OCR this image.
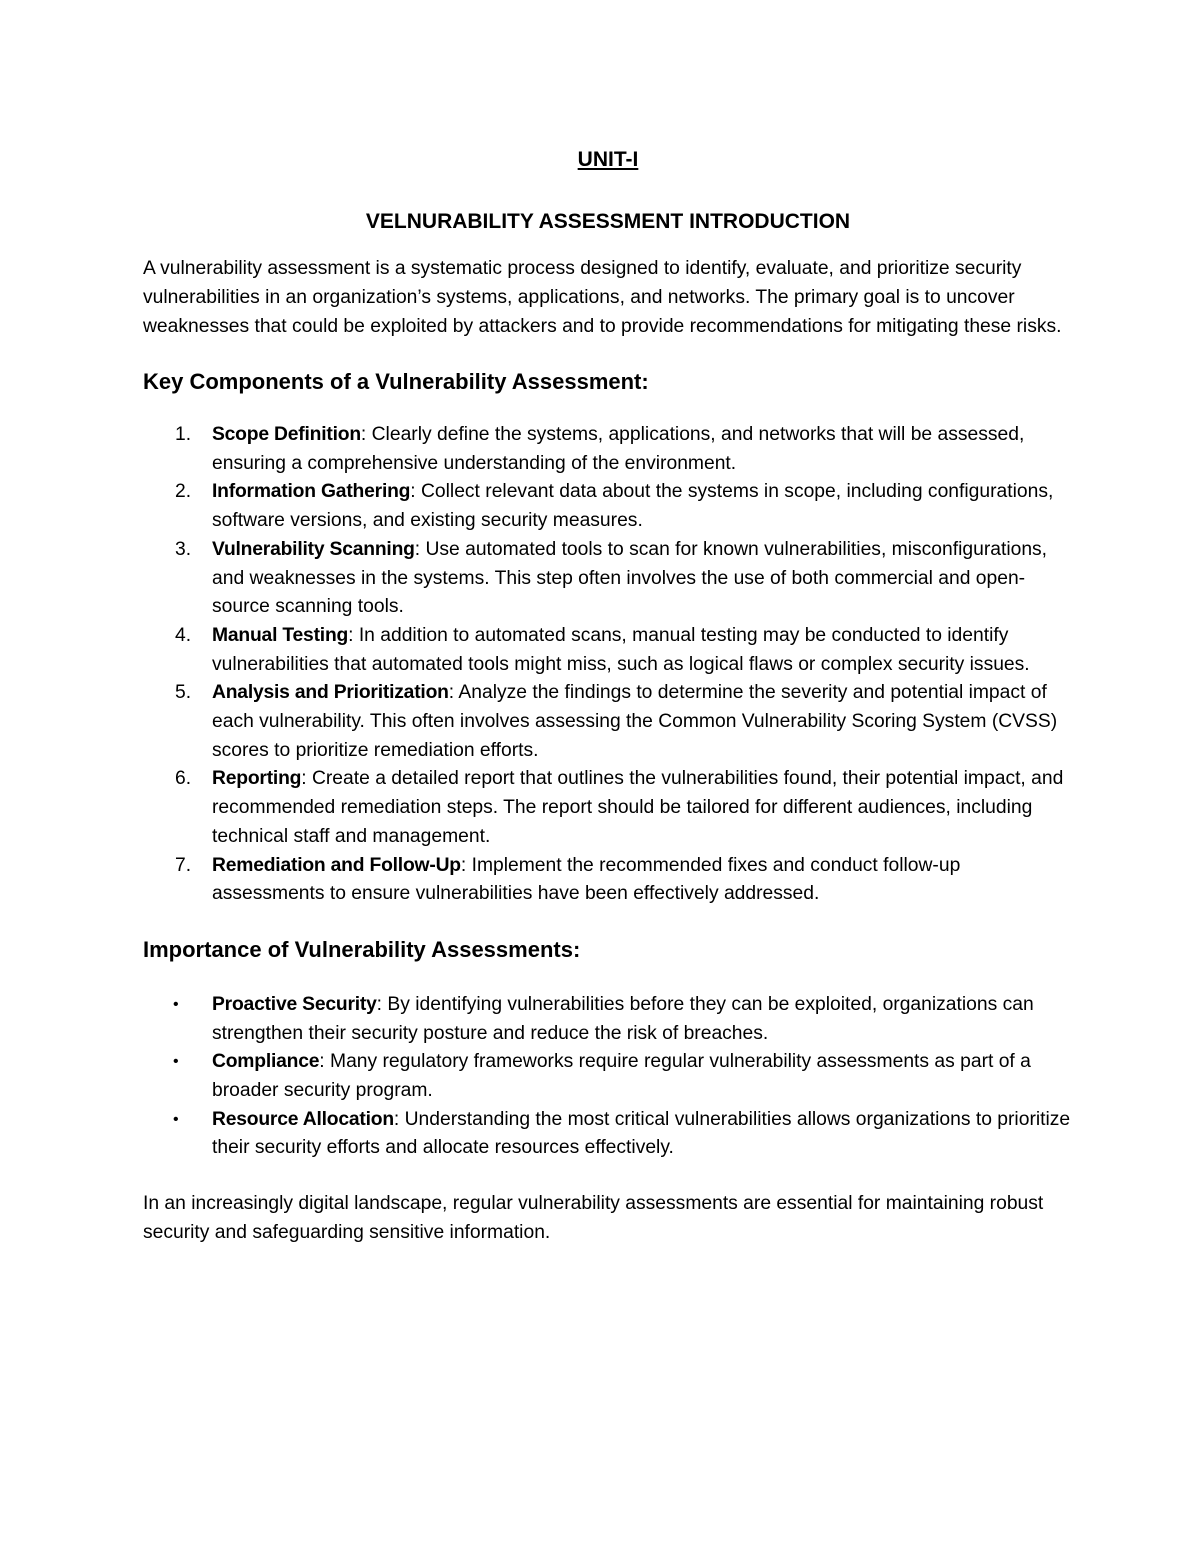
UNIT-I
VELNURABILITY ASSESSMENT INTRODUCTION

A vulnerability assessment is a systematic process designed to identify, evaluate, and prioritize security vulnerabilities in an organization’s systems, applications, and networks. The primary goal is to uncover weaknesses that could be exploited by attackers and to provide recommendations for mitigating these risks.

Key Components of a Vulnerability Assessment:
1. Scope Definition: Clearly define the systems, applications, and networks that will be assessed, ensuring a comprehensive understanding of the environment.
2. Information Gathering: Collect relevant data about the systems in scope, including configurations, software versions, and existing security measures.
3. Vulnerability Scanning: Use automated tools to scan for known vulnerabilities, misconfigurations, and weaknesses in the systems. This step often involves the use of both commercial and open-source scanning tools.
4. Manual Testing: In addition to automated scans, manual testing may be conducted to identify vulnerabilities that automated tools might miss, such as logical flaws or complex security issues.
5. Analysis and Prioritization: Analyze the findings to determine the severity and potential impact of each vulnerability. This often involves assessing the Common Vulnerability Scoring System (CVSS) scores to prioritize remediation efforts.
6. Reporting: Create a detailed report that outlines the vulnerabilities found, their potential impact, and recommended remediation steps. The report should be tailored for different audiences, including technical staff and management.
7. Remediation and Follow-Up: Implement the recommended fixes and conduct follow-up assessments to ensure vulnerabilities have been effectively addressed.
Importance of Vulnerability Assessments:
• Proactive Security: By identifying vulnerabilities before they can be exploited, organizations can strengthen their security posture and reduce the risk of breaches.
• Compliance: Many regulatory frameworks require regular vulnerability assessments as part of a broader security program.
• Resource Allocation: Understanding the most critical vulnerabilities allows organizations to prioritize their security efforts and allocate resources effectively.

In an increasingly digital landscape, regular vulnerability assessments are essential for maintaining robust security and safeguarding sensitive information.
